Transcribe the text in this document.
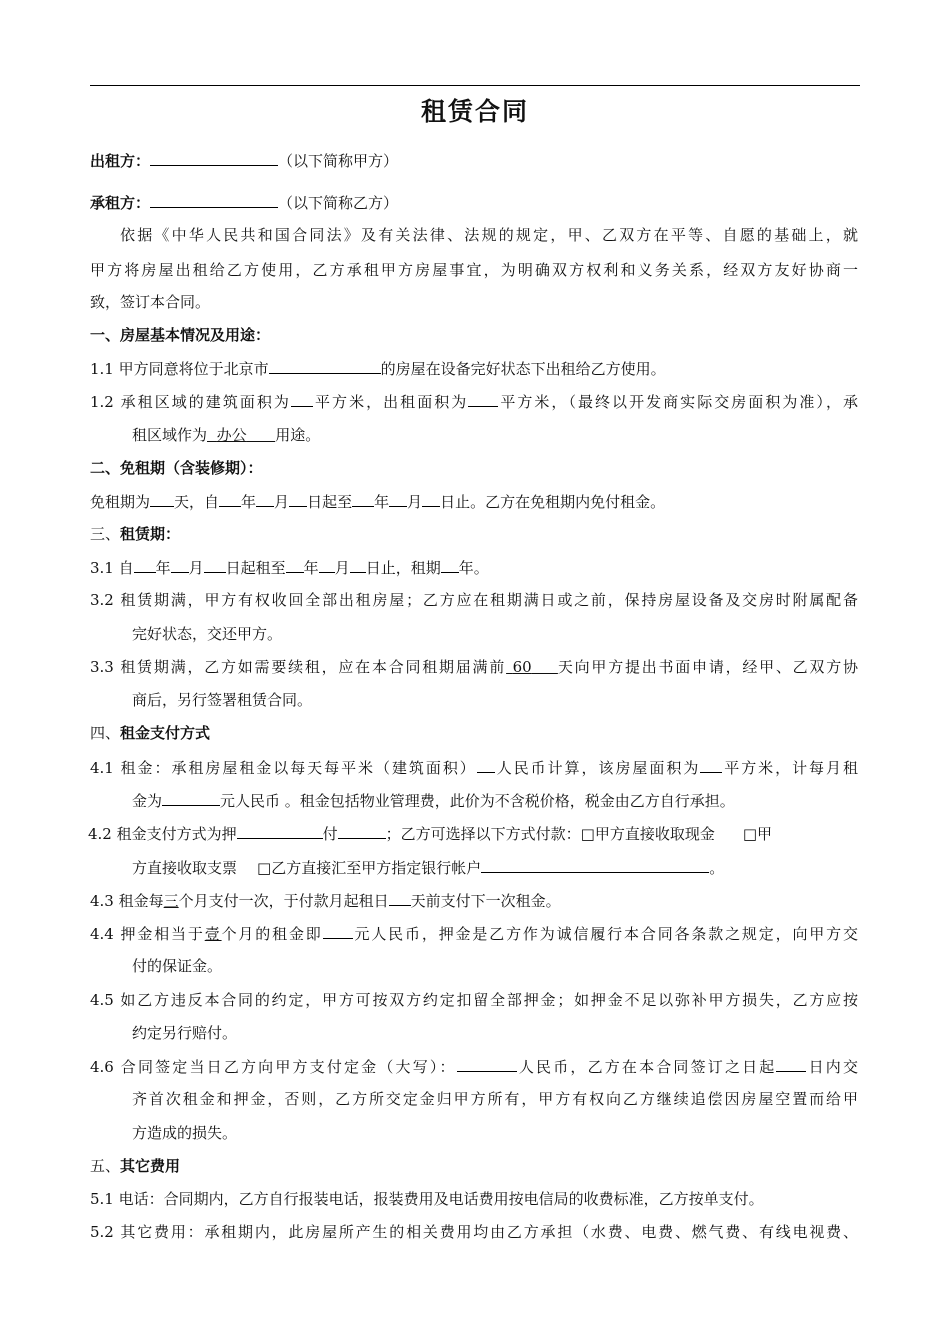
租赁合同
出租方：	（以下简称甲方）
承租方：	（以下简称乙方）
依据《中华人民共和国合同法》及有关法律、法规的规定，甲、乙双方在平等、自愿的基础上，就
甲方将房屋出租给乙方使用，乙方承租甲方房屋事宜，为明确双方权利和义务关系，经双方友好协商一
致，签订本合同。
一、房屋基本情况及用途：
1.1 甲方同意将位于北京市	的房屋在设备完好状态下出租给乙方使用。
1.2 承租区域的建筑面积为 平方米，出租面积为 平方米，（最终以开发商实际交房面积为准），承
租区域作为 办公 用途。
二、免租期（含装修期）：
免租期为 天，自 年 月 日起至 年 月 日止。乙方在免租期内免付租金。
三、租赁期：
3.1 自 年 月 日起租至 年 月 日止，租期 年。
3.2 租赁期满，甲方有权收回全部出租房屋；乙方应在租期满日或之前，保持房屋设备及交房时附属配备
完好状态，交还甲方。
3.3 租赁期满，乙方如需要续租，应在本合同租期届满前 60 天向甲方提出书面申请，经甲、乙双方协
商后，另行签署租赁合同。
四、租金支付方式
4.1 租金：承租房屋租金以每天每平米（建筑面积） 人民币计算，该房屋面积为 平方米，计每月租
金为	元人民币 。租金包括物业管理费，此价为不含税价格，税金由乙方自行承担。
4.2 租金支付方式为押	付	；乙方可选择以下方式付款：□甲方直接收取现金 □甲
方直接收取支票 □乙方直接汇至甲方指定银行帐户	。
4.3 租金每三个月支付一次，于付款月起租日 天前支付下一次租金。
4.4 押金相当于壹个月的租金即 元人民币，押金是乙方作为诚信履行本合同各条款之规定，向甲方交
付的保证金。
4.5 如乙方违反本合同的约定，甲方可按双方约定扣留全部押金；如押金不足以弥补甲方损失，乙方应按
约定另行赔付。
4.6 合同签定当日乙方向甲方支付定金（大写）：	人民币，乙方在本合同签订之日起 日内交
齐首次租金和押金，否则，乙方所交定金归甲方所有，甲方有权向乙方继续追偿因房屋空置而给甲
方造成的损失。
五、其它费用
5.1 电话：合同期内，乙方自行报装电话，报装费用及电话费用按电信局的收费标准，乙方按单支付。
5.2 其它费用：承租期内，此房屋所产生的相关费用均由乙方承担（水费、电费、燃气费、有线电视费、
